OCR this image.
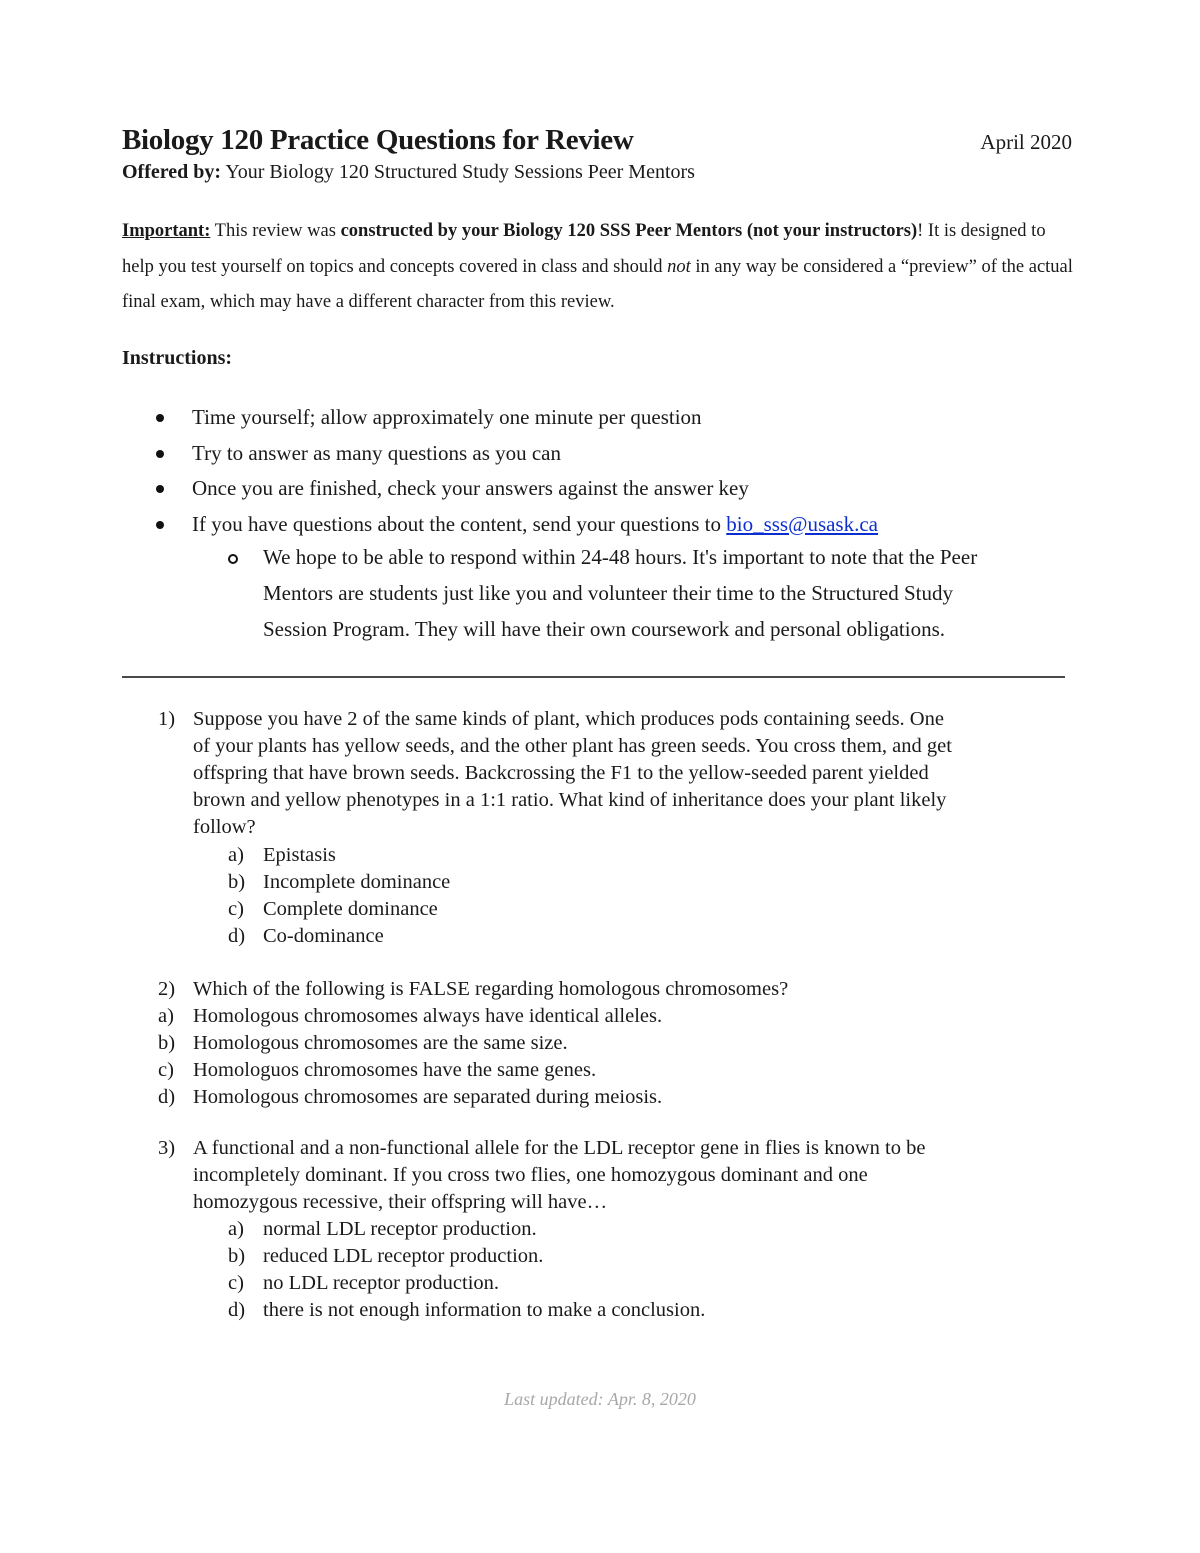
Biology 120 Practice Questions for Review	April 2020
Offered by: Your Biology 120 Structured Study Sessions Peer Mentors
Important: This review was constructed by your Biology 120 SSS Peer Mentors (not your instructors)! It is designed to help you test yourself on topics and concepts covered in class and should not in any way be considered a “preview” of the actual final exam, which may have a different character from this review.
Instructions:
Time yourself; allow approximately one minute per question
Try to answer as many questions as you can
Once you are finished, check your answers against the answer key
If you have questions about the content, send your questions to bio_sss@usask.ca
We hope to be able to respond within 24-48 hours. It's important to note that the Peer
Mentors are students just like you and volunteer their time to the Structured Study
Session Program. They will have their own coursework and personal obligations.
1) Suppose you have 2 of the same kinds of plant, which produces pods containing seeds. One
of your plants has yellow seeds, and the other plant has green seeds. You cross them, and get
offspring that have brown seeds. Backcrossing the F1 to the yellow-seeded parent yielded
brown and yellow phenotypes in a 1:1 ratio. What kind of inheritance does your plant likely
follow?
a) Epistasis
b) Incomplete dominance
c) Complete dominance
d) Co-dominance
2) Which of the following is FALSE regarding homologous chromosomes?
a) Homologous chromosomes always have identical alleles.
b) Homologous chromosomes are the same size.
c) Homologuos chromosomes have the same genes.
d) Homologous chromosomes are separated during meiosis.
3) A functional and a non-functional allele for the LDL receptor gene in flies is known to be
incompletely dominant. If you cross two flies, one homozygous dominant and one
homozygous recessive, their offspring will have…
a) normal LDL receptor production.
b) reduced LDL receptor production.
c) no LDL receptor production.
d) there is not enough information to make a conclusion.
Last updated: Apr. 8, 2020
